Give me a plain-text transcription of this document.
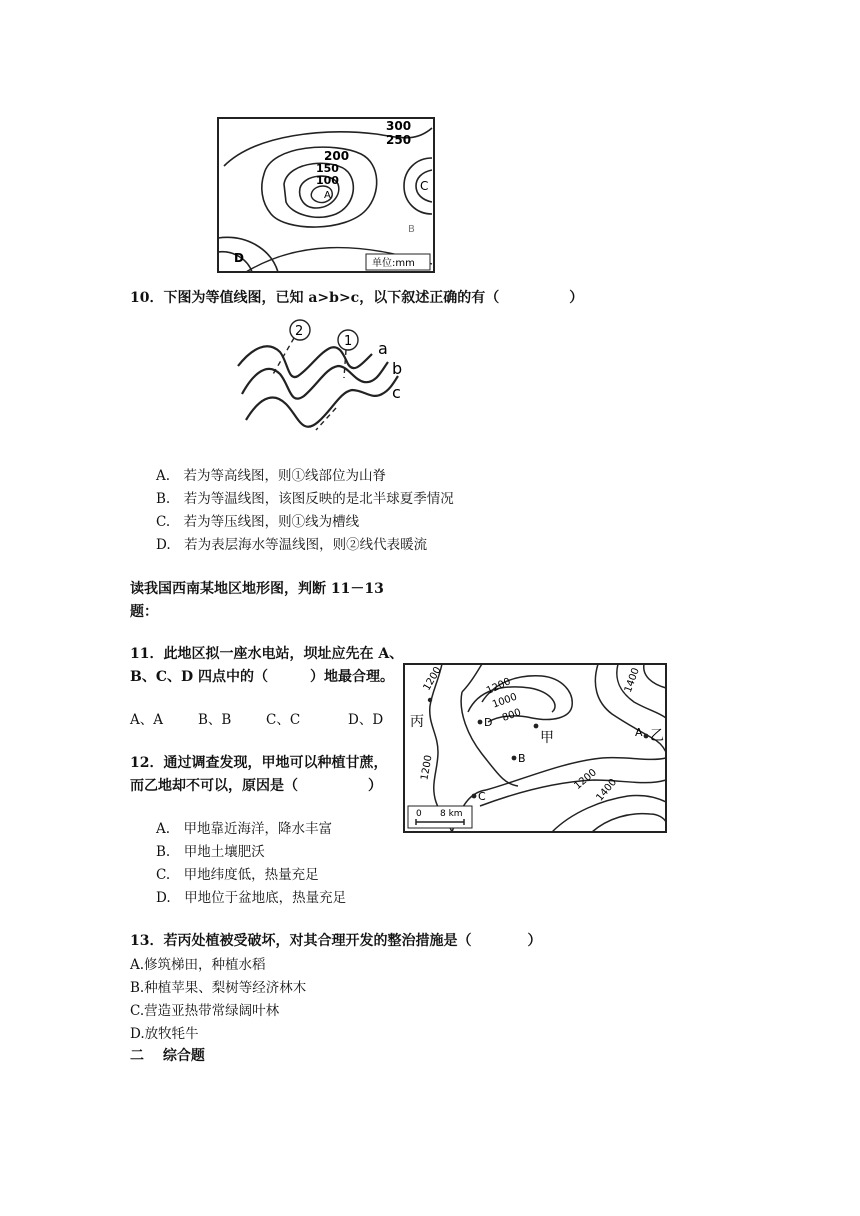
300
250
200
150
100
A
C
B
D	单位:mm
10．下图为等值线图，已知 a>b>c，以下叙述正确的有（　　　　　）
2
1 a
b
c
A.　若为等高线图，则①线部位为山脊
B.　若为等温线图，该图反映的是北半球夏季情况
C.　若为等压线图，则①线为槽线
D.　若为表层海水等温线图，则②线代表暖流
读我国西南某地区地形图，判断 11－13
题：
11．此地区拟一座水电站，坝址应先在 A、
B、C、D 四点中的（　　　）地最合理。
A、A	B、B	C、C	D、D 丙
甲	乙
A
B
C
D
1200	1200
1000
800
1400
1200
1400
1200
0 8 km
12．通过调查发现，甲地可以种植甘蔗，
而乙地却不可以，原因是（　　　　　）
A.　甲地靠近海洋，降水丰富
B.　甲地土壤肥沃
C.　甲地纬度低，热量充足
D.　甲地位于盆地底，热量充足
13．若丙处植被受破坏，对其合理开发的整治措施是（　　　　）
A.修筑梯田，种植水稻
B.种植苹果、梨树等经济林木
C.营造亚热带常绿阔叶林
D.放牧牦牛
二　 综合题
